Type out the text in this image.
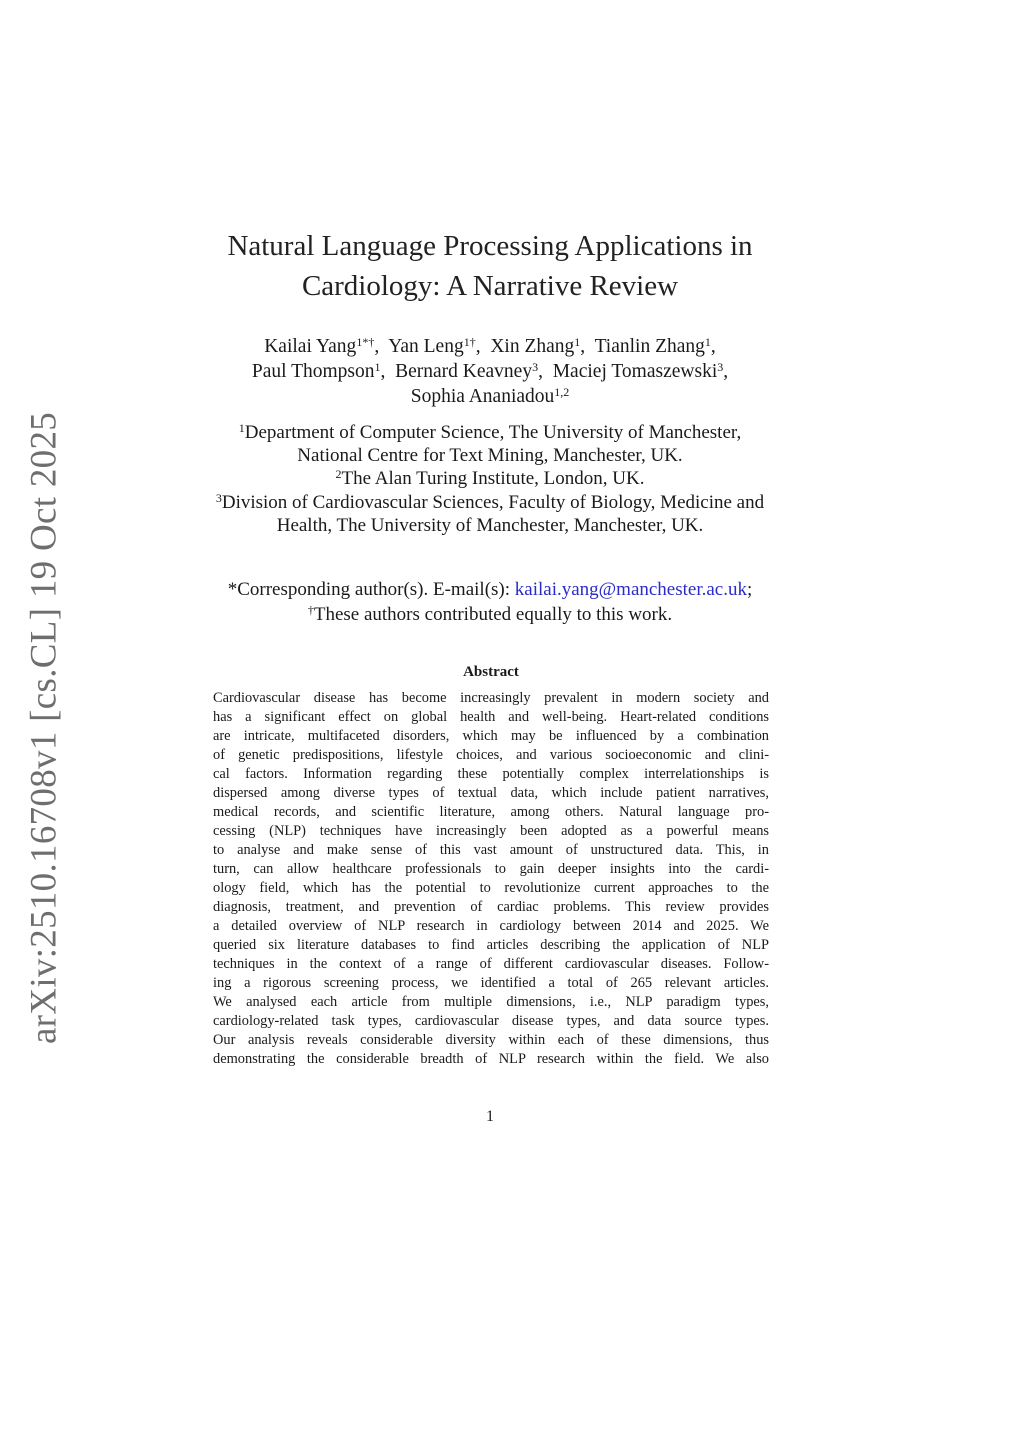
arXiv:2510.16708v1 [cs.CL] 19 Oct 2025
Natural Language Processing Applications in
Cardiology: A Narrative Review
Kailai Yang$^{1*\dagger}$, Yan Leng$^{1\dagger}$, Xin Zhang$^1$, Tianlin Zhang$^1$,
Paul Thompson$^1$, Bernard Keavney$^3$, Maciej Tomaszewski$^3$,
Sophia Ananiadou$^{1,2}$
$^1$Department of Computer Science, The University of Manchester,
National Centre for Text Mining, Manchester, UK.
$^2$The Alan Turing Institute, London, UK.
$^3$Division of Cardiovascular Sciences, Faculty of Biology, Medicine and
Health, The University of Manchester, Manchester, UK.
*Corresponding author(s). E-mail(s): kailai.yang@manchester.ac.uk;
†These authors contributed equally to this work.
Abstract
Cardiovascular disease has become increasingly prevalent in modern society and
has a significant effect on global health and well-being. Heart-related conditions
are intricate, multifaceted disorders, which may be influenced by a combination
of genetic predispositions, lifestyle choices, and various socioeconomic and clini-
cal factors. Information regarding these potentially complex interrelationships is
dispersed among diverse types of textual data, which include patient narratives,
medical records, and scientific literature, among others. Natural language pro-
cessing (NLP) techniques have increasingly been adopted as a powerful means
to analyse and make sense of this vast amount of unstructured data. This, in
turn, can allow healthcare professionals to gain deeper insights into the cardi-
ology field, which has the potential to revolutionize current approaches to the
diagnosis, treatment, and prevention of cardiac problems. This review provides
a detailed overview of NLP research in cardiology between 2014 and 2025. We
queried six literature databases to find articles describing the application of NLP
techniques in the context of a range of different cardiovascular diseases. Follow-
ing a rigorous screening process, we identified a total of 265 relevant articles.
We analysed each article from multiple dimensions, i.e., NLP paradigm types,
cardiology-related task types, cardiovascular disease types, and data source types.
Our analysis reveals considerable diversity within each of these dimensions, thus
demonstrating the considerable breadth of NLP research within the field. We also
1
